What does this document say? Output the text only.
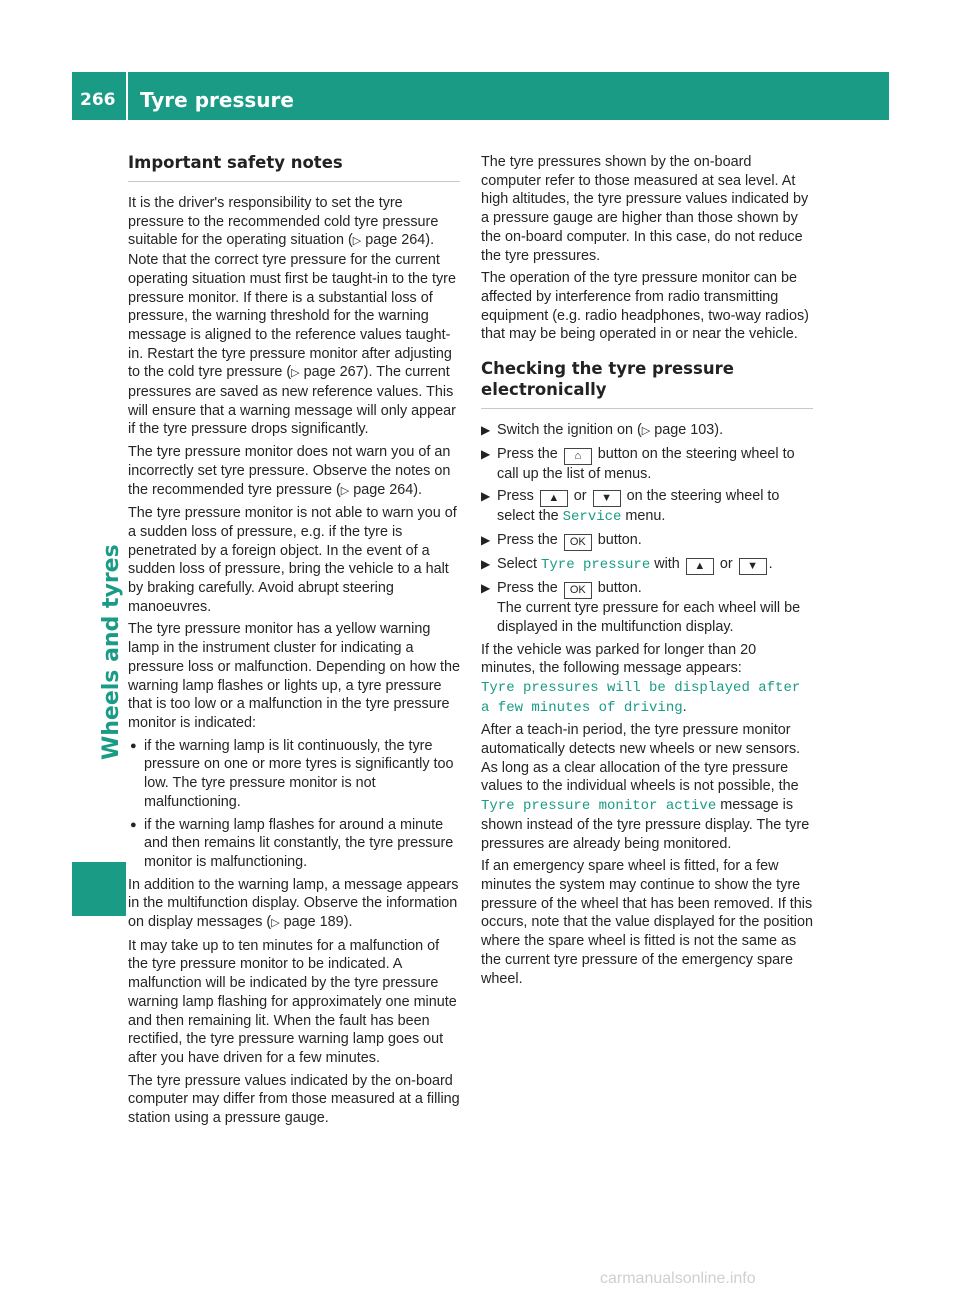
266 Tyre pressure
Wheels and tyres
Important safety notes

It is the driver's responsibility to set the tyre pressure to the recommended cold tyre pressure suitable for the operating situation (▷ page 264). Note that the correct tyre pressure for the current operating situation must first be taught-in to the tyre pressure monitor. If there is a substantial loss of pressure, the warning threshold for the warning message is aligned to the reference values taught-in. Restart the tyre pressure monitor after adjusting to the cold tyre pressure (▷ page 267). The current pressures are saved as new reference values. This will ensure that a warning message will only appear if the tyre pressure drops significantly.

The tyre pressure monitor does not warn you of an incorrectly set tyre pressure. Observe the notes on the recommended tyre pressure (▷ page 264).

The tyre pressure monitor is not able to warn you of a sudden loss of pressure, e.g. if the tyre is penetrated by a foreign object. In the event of a sudden loss of pressure, bring the vehicle to a halt by braking carefully. Avoid abrupt steering manoeuvres.

The tyre pressure monitor has a yellow warning lamp in the instrument cluster for indicating a pressure loss or malfunction. Depending on how the warning lamp flashes or lights up, a tyre pressure that is too low or a malfunction in the tyre pressure monitor is indicated:

● if the warning lamp is lit continuously, the tyre pressure on one or more tyres is significantly too low. The tyre pressure monitor is not malfunctioning.
● if the warning lamp flashes for around a minute and then remains lit constantly, the tyre pressure monitor is malfunctioning.

In addition to the warning lamp, a message appears in the multifunction display. Observe the information on display messages (▷ page 189).

It may take up to ten minutes for a malfunction of the tyre pressure monitor to be indicated. A malfunction will be indicated by the tyre pressure warning lamp flashing for approximately one minute and then remaining lit. When the fault has been rectified, the tyre pressure warning lamp goes out after you have driven for a few minutes.

The tyre pressure values indicated by the on-board computer may differ from those measured at a filling station using a pressure gauge.

The tyre pressures shown by the on-board computer refer to those measured at sea level. At high altitudes, the tyre pressure values indicated by a pressure gauge are higher than those shown by the on-board computer. In this case, do not reduce the tyre pressures.

The operation of the tyre pressure monitor can be affected by interference from radio transmitting equipment (e.g. radio headphones, two-way radios) that may be being operated in or near the vehicle.

Checking the tyre pressure electronically
▶ Switch the ignition on (▷ page 103).
▶ Press the ⌂ button on the steering wheel to call up the list of menus.
▶ Press ▲ or ▼ on the steering wheel to select the Service menu.
▶ Press the OK button.
▶ Select Tyre pressure with ▲ or ▼ .
▶ Press the OK button.
The current tyre pressure for each wheel will be displayed in the multifunction display.

If the vehicle was parked for longer than 20 minutes, the following message appears:
Tyre pressures will be displayed after a few minutes of driving.

After a teach-in period, the tyre pressure monitor automatically detects new wheels or new sensors. As long as a clear allocation of the tyre pressure values to the individual wheels is not possible, the Tyre pressure monitor active message is shown instead of the tyre pressure display. The tyre pressures are already being monitored.

If an emergency spare wheel is fitted, for a few minutes the system may continue to show the tyre pressure of the wheel that has been removed. If this occurs, note that the value displayed for the position where the spare wheel is fitted is not the same as the current tyre pressure of the emergency spare wheel.

carmanualsonline.info
